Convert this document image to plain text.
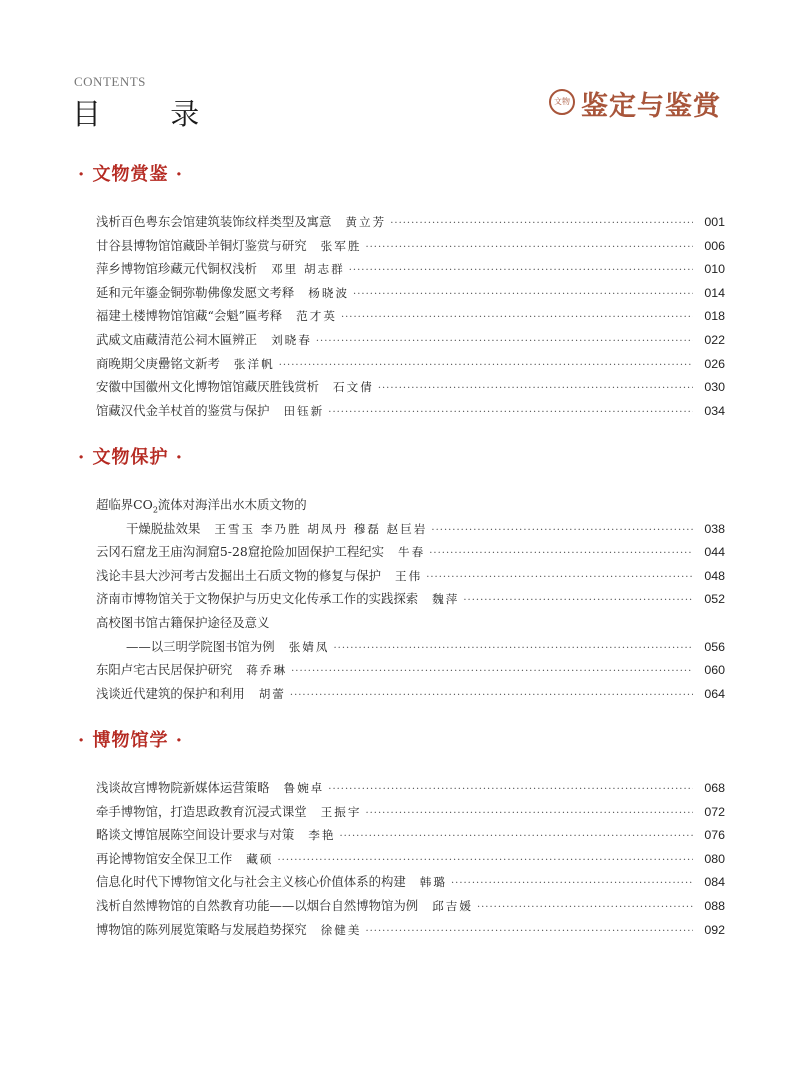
CONTENTS
目 录	文物 鉴定与鉴赏
· 文物赏鉴 ·
浅析百色粤东会馆建筑装饰纹样类型及寓意 黄立芳 ·····	001
甘谷县博物馆馆藏卧羊铜灯鉴赏与研究 张军胜 ·····	006
萍乡博物馆珍藏元代铜权浅析 邓里 胡志群 ·····	010
延和元年鎏金铜弥勒佛像发愿文考释 杨晓波 ·····	014
福建土楼博物馆馆藏“会魁”匾考释 范才英 ·····	018
武威文庙藏清范公祠木匾辨正 刘晓春 ·····	022
商晚期父庚罍铭文新考 张洋帆 ·····	026
安徽中国徽州文化博物馆馆藏厌胜钱赏析 石文倩 ·····	030
馆藏汉代金羊杖首的鉴赏与保护 田钰新 ·····	034
· 文物保护 ·
超临界$CO_2$流体对海洋出水木质文物的
干燥脱盐效果 王雪玉 李乃胜 胡凤丹 穆磊 赵巨岩 ·····	038
云冈石窟龙王庙沟洞窟5-28窟抢险加固保护工程纪实 牛春 ·····	044
浅论丰县大沙河考古发掘出土石质文物的修复与保护 王伟 ·····	048
济南市博物馆关于文物保护与历史文化传承工作的实践探索 魏萍 ·····	052
高校图书馆古籍保护途径及意义
——以三明学院图书馆为例 张婧凤 ·····	056
东阳卢宅古民居保护研究 蒋乔琳 ·····	060
浅谈近代建筑的保护和利用 胡蕾 ·····	064
· 博物馆学 ·
浅谈故宫博物院新媒体运营策略 鲁婉卓 ·····	068
牵手博物馆，打造思政教育沉浸式课堂 王振宇 ·····	072
略谈文博馆展陈空间设计要求与对策 李艳 ·····	076
再论博物馆安全保卫工作 藏硕 ·····	080
信息化时代下博物馆文化与社会主义核心价值体系的构建 韩璐 ·····	084
浅析自然博物馆的自然教育功能——以烟台自然博物馆为例 邱吉媛 ·····	088
博物馆的陈列展览策略与发展趋势探究 徐健美 ·····	092
